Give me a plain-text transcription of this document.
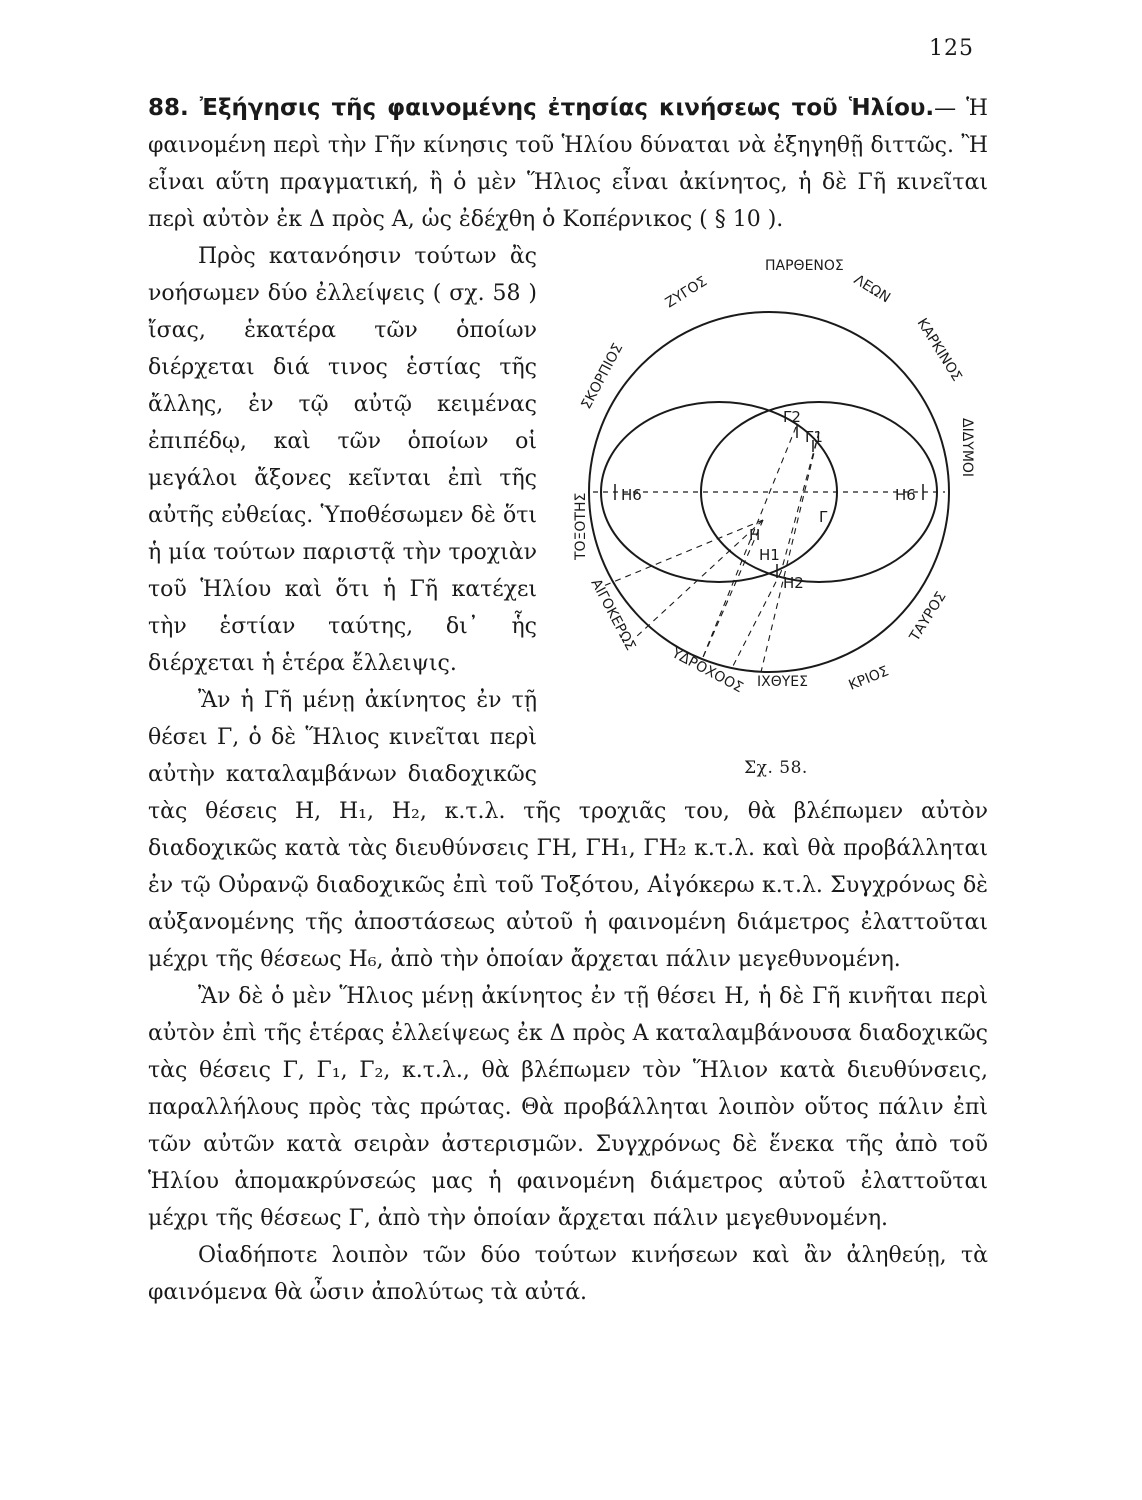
125

88. Ἐξήγησις τῆς φαινομένης ἐτησίας κινήσεως τοῦ Ἡλίου.— Ἡ φαινομένη περὶ τὴν Γῆν κίνησις τοῦ Ἡλίου δύναται νὰ ἐξηγηθῇ διττῶς. Ἢ εἶναι αὕτη πραγματική, ἢ ὁ μὲν Ἥλιος εἶναι ἀκίνητος, ἡ δὲ Γῆ κινεῖται περὶ αὐτὸν ἐκ Δ πρὸς Α, ὡς ἐδέχθη ὁ Κοπέρνικος ( § 10 ).

ΠΑΡΘΕΝΟΣ
ΖΥΓΟΣ	ΛΕΩΝ
ΣΚΟΡΠΙΟΣ	ΚΑΡΚΙΝΟΣ
ΤΟΞΟΤΗΣ
ΔΙΔΥΜΟΙ
ΑΙΓΟΚΕΡΩΣ	ΤΑΥΡΟΣ
ΥΔΡΟΧΟΟΣ ΙΧΘΥΕΣ	ΚΡΙΟΣ
Η6	Η6
Γ
Γ1
Γ2
Η
Η1
Η2
Σχ. 58.
Πρὸς κατανόησιν τούτων ἂς νοήσωμεν δύο ἐλλείψεις ( σχ. 58 ) ἴσας, ἑκατέρα τῶν ὁποίων διέρχεται διά τινος ἑστίας τῆς ἄλλης, ἐν τῷ αὐτῷ κειμένας ἐπιπέδῳ, καὶ τῶν ὁποίων οἱ μεγάλοι ἄξονες κεῖνται ἐπὶ τῆς αὐτῆς εὐθείας. Ὑποθέσωμεν δὲ ὅτι ἡ μία τούτων παριστᾷ τὴν τροχιὰν τοῦ Ἡλίου καὶ ὅτι ἡ Γῆ κατέχει τὴν ἑστίαν ταύτης, δι᾽ ἧς διέρχεται ἡ ἑτέρα ἔλλειψις.

Ἂν ἡ Γῆ μένῃ ἀκίνητος ἐν τῇ θέσει Γ, ὁ δὲ Ἥλιος κινεῖται περὶ αὐτὴν καταλαμβάνων διαδοχικῶς τὰς θέσεις Η, Η₁, Η₂, κ.τ.λ. τῆς τροχιᾶς του, θὰ βλέπωμεν αὐτὸν διαδοχικῶς κατὰ τὰς διευθύνσεις ΓΗ, ΓΗ₁, ΓΗ₂ κ.τ.λ. καὶ θὰ προβάλληται ἐν τῷ Οὐρανῷ διαδοχικῶς ἐπὶ τοῦ Τοξότου, Αἰγόκερω κ.τ.λ. Συγχρόνως δὲ αὐξανομένης τῆς ἀποστάσεως αὐτοῦ ἡ φαινομένη διάμετρος ἐλαττοῦται μέχρι τῆς θέσεως Η₆, ἀπὸ τὴν ὁποίαν ἄρχεται πάλιν μεγεθυνομένη.

Ἂν δὲ ὁ μὲν Ἥλιος μένῃ ἀκίνητος ἐν τῇ θέσει Η, ἡ δὲ Γῆ κινῆται περὶ αὐτὸν ἐπὶ τῆς ἑτέρας ἐλλείψεως ἐκ Δ πρὸς Α καταλαμβάνουσα διαδοχικῶς τὰς θέσεις Γ, Γ₁, Γ₂, κ.τ.λ., θὰ βλέπωμεν τὸν Ἥλιον κατὰ διευθύνσεις, παραλλήλους πρὸς τὰς πρώτας. Θὰ προβάλληται λοιπὸν οὕτος πάλιν ἐπὶ τῶν αὐτῶν κατὰ σειρὰν ἀστερισμῶν. Συγχρόνως δὲ ἕνεκα τῆς ἀπὸ τοῦ Ἡλίου ἀπομακρύνσεώς μας ἡ φαινομένη διάμετρος αὐτοῦ ἐλαττοῦται μέχρι τῆς θέσεως Γ, ἀπὸ τὴν ὁποίαν ἄρχεται πάλιν μεγεθυνομένη.

Οἱαδήποτε λοιπὸν τῶν δύο τούτων κινήσεων καὶ ἂν ἀληθεύῃ, τὰ φαινόμενα θὰ ὦσιν ἀπολύτως τὰ αὐτά.
